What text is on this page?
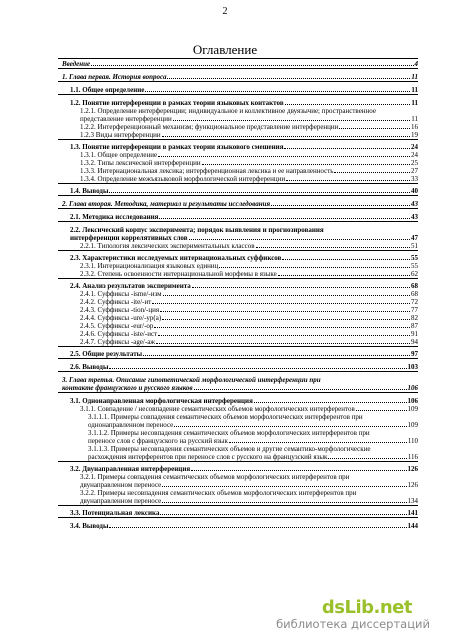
2
Оглавление
Введение	4
1. Глава первая. История вопроса	11
1.1. Общее определение	11
1.2. Понятие интерференции в рамках теории языковых контактов	11
1.2.1. Определение интерференции; индивидуальное и коллективное двуязычие; пространственное
представление интерференции	11
1.2.2. Интерференционный механизм; функциональное представление интерференции	16
1.2.3 Виды интерференции	19
1.3. Понятие интерференции в рамках теории языкового смешения	24
1.3.1. Общее определение	24
1.3.2. Типы лексической интерференции	25
1.3.3. Интернациональная лексика; интерференционная лексика и ее направленность	27
1.3.4. Определение межъязыковой морфологической интерференции	33
1.4. Выводы	40
2. Глава вторая. Методика, материал и результаты исследования	43
2.1. Методика исследования	43
2.2. Лексический корпус эксперимента; порядок выявления и прогнозирования
интерференции коррелятивных слов	47
2.2.1. Типология лексических экспериментальных классов	51
2.3. Характеристики исследуемых интернациональных суффиксов	55
2.3.1. Интернационализация языковых единиц	55
2.3.2. Степень освоенности интернациональной морфемы в языке	62
2.4. Анализ результатов эксперимента	68
2.4.1. Суффиксы -isme/-изм	68
2.4.2. Суффиксы -ite/-ит	72
2.4.3. Суффиксы -tion/-ция	77
2.4.4. Суффиксы -ure/-ур(а)	82
2.4.5. Суффиксы -eur/-ор	87
2.4.6. Суффиксы -iste/-ист	91
2.4.7. Суффиксы -age/-аж	94
2.5. Общие результаты	97
2.6. Выводы	103
3. Глава третья. Описание гипотетической морфологической интерференции при
контакте французского и русского языков	106
3.1. Однонаправленная морфологическая интерференция	106
3.1.1. Совпадение / несовпадение семантических объемов морфологических интерферентов	109
3.1.1.1. Примеры совпадения семантических объемов морфологических интерферентов при
однонаправленном переносе	109
3.1.1.2. Примеры несовпадения семантических объемов морфологических интерферентов при
переносе слов с французского на русский язык	110
3.1.1.3. Примеры несовпадения семантических объемов и другие семантико-морфологические
расхождения интерферентов при переносе слов с русского на французский язык	116
3.2. Двунаправленная интерференция	126
3.2.1. Примеры совпадения семантических объемов морфологических интерферентов при
двунаправленном переносе	126
3.2.2. Примеры несовпадения семантических объемов морфологических интерферентов при
двунаправленном переносе	134
3.3. Потенциальная лексика	141
3.4. Выводы	144
dsLib.net
библиотека диссертаций
